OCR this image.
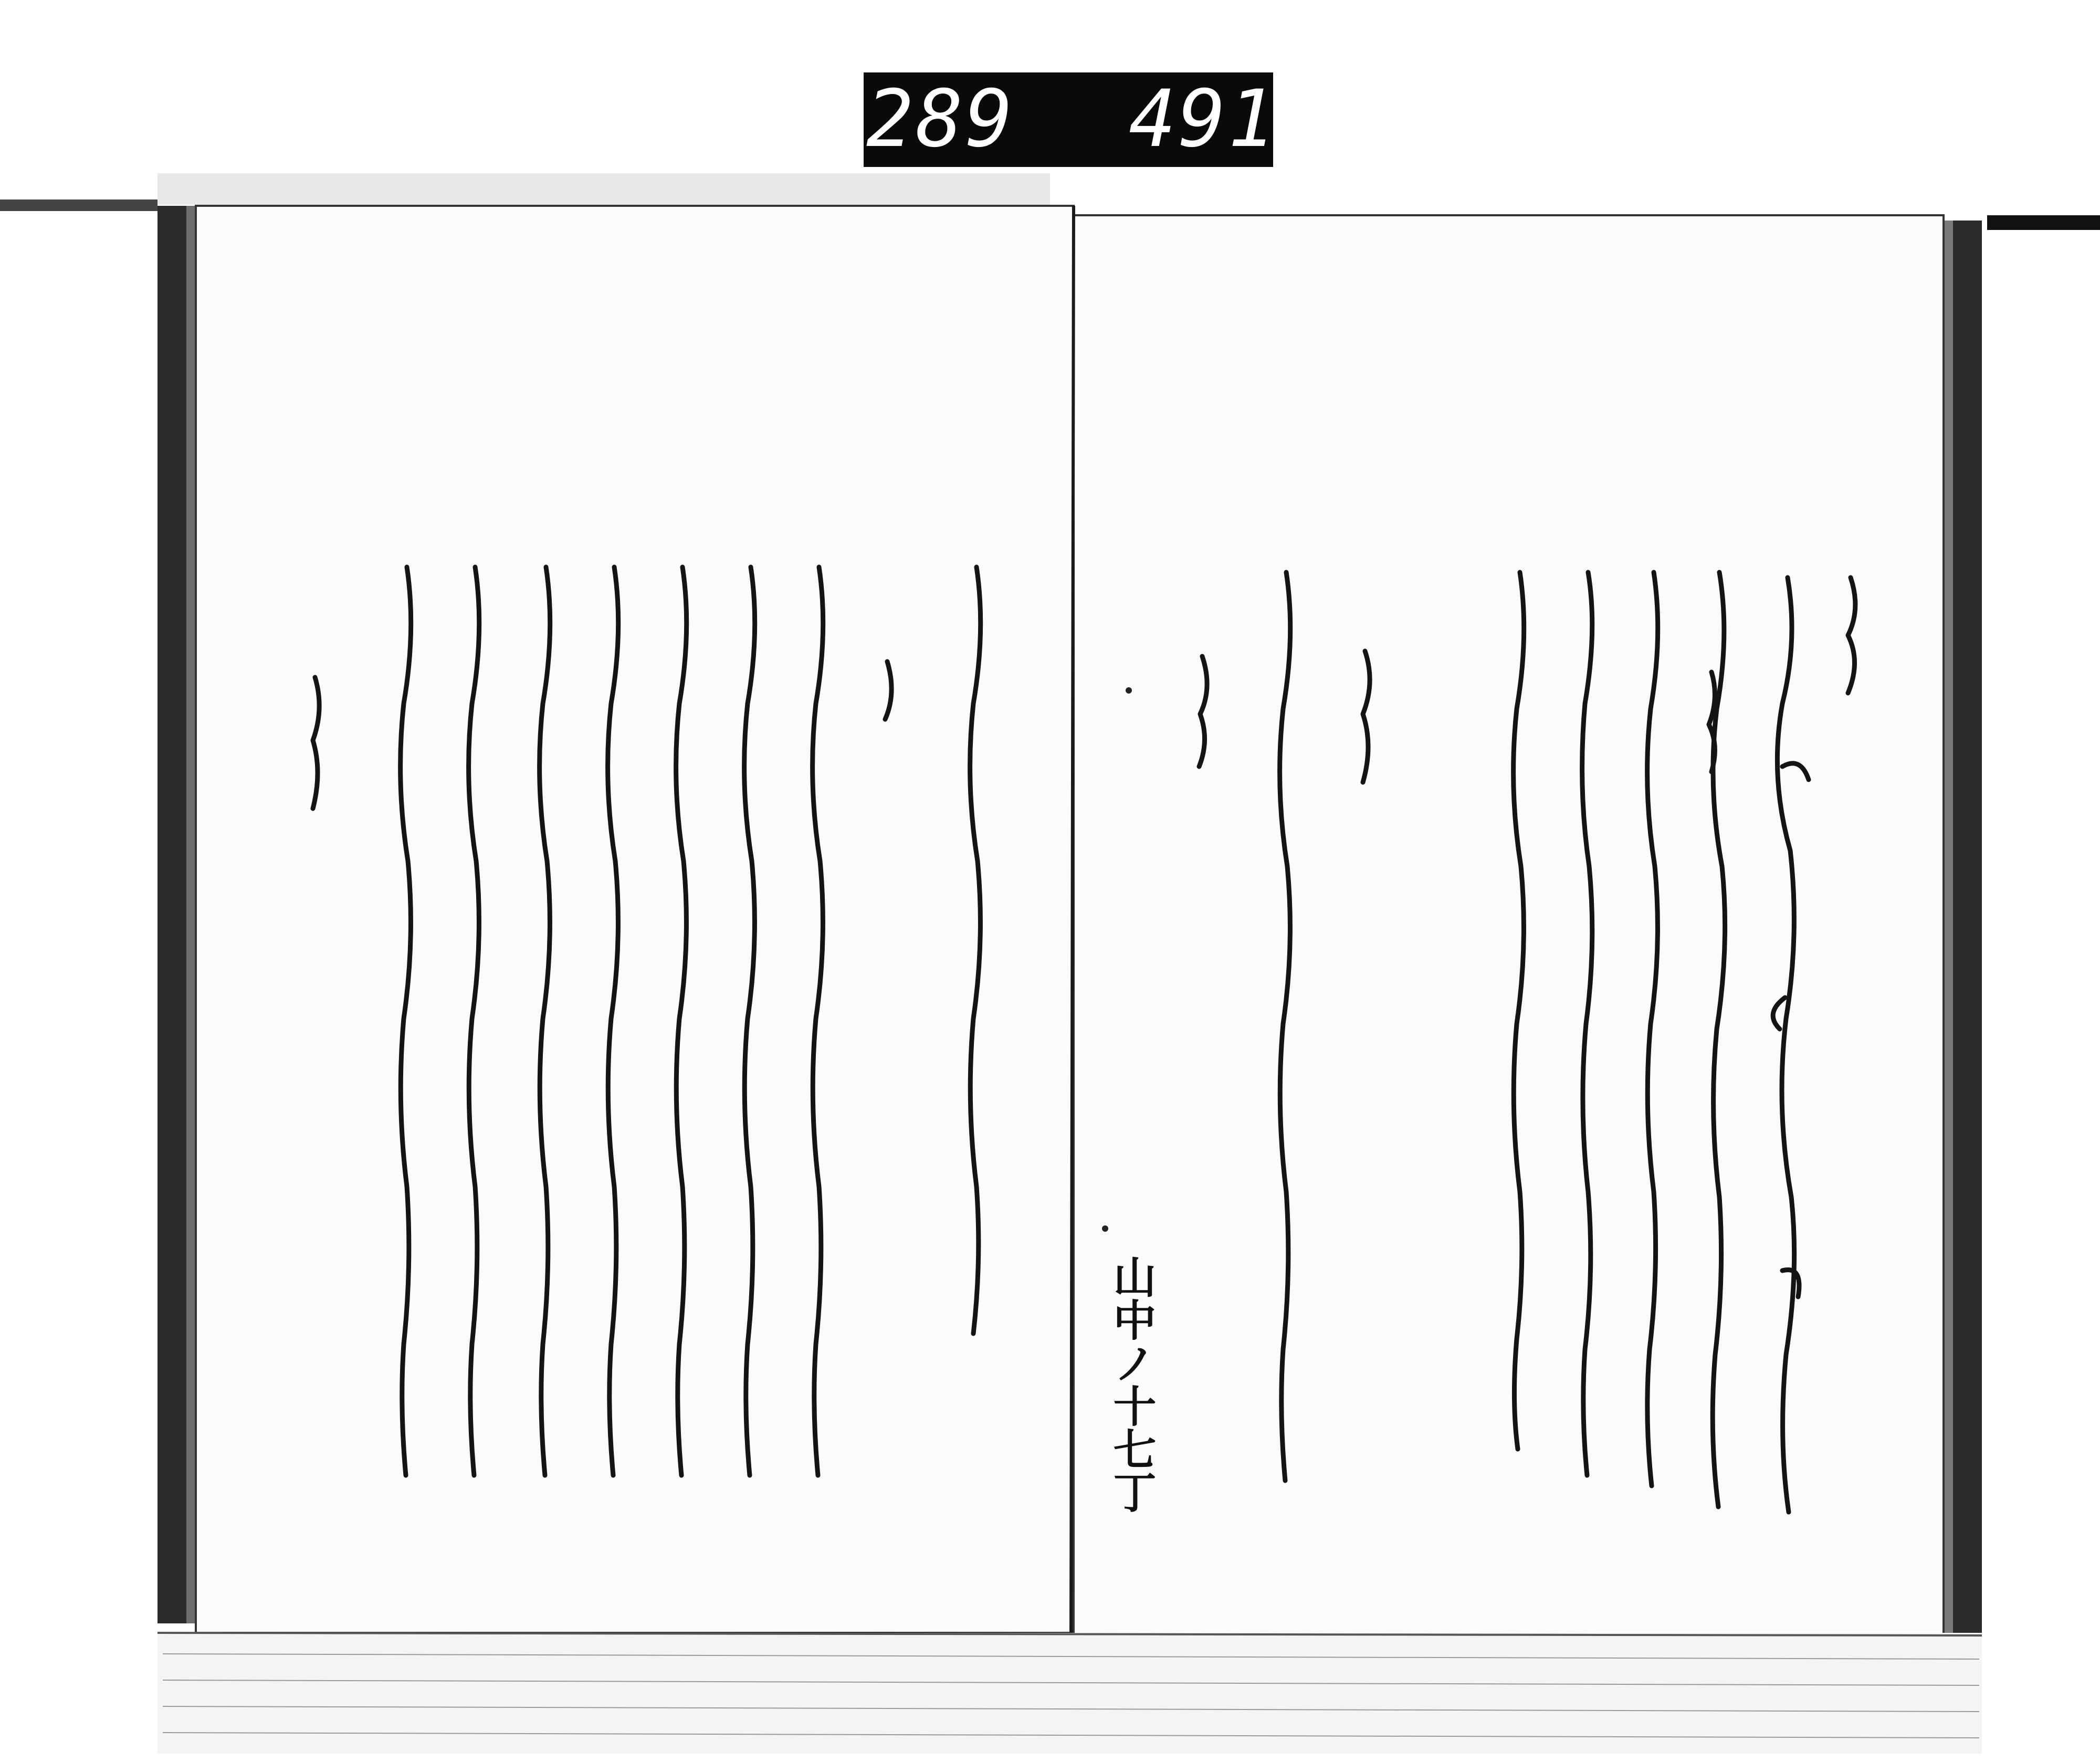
289 491.
山中ノ十七丁
